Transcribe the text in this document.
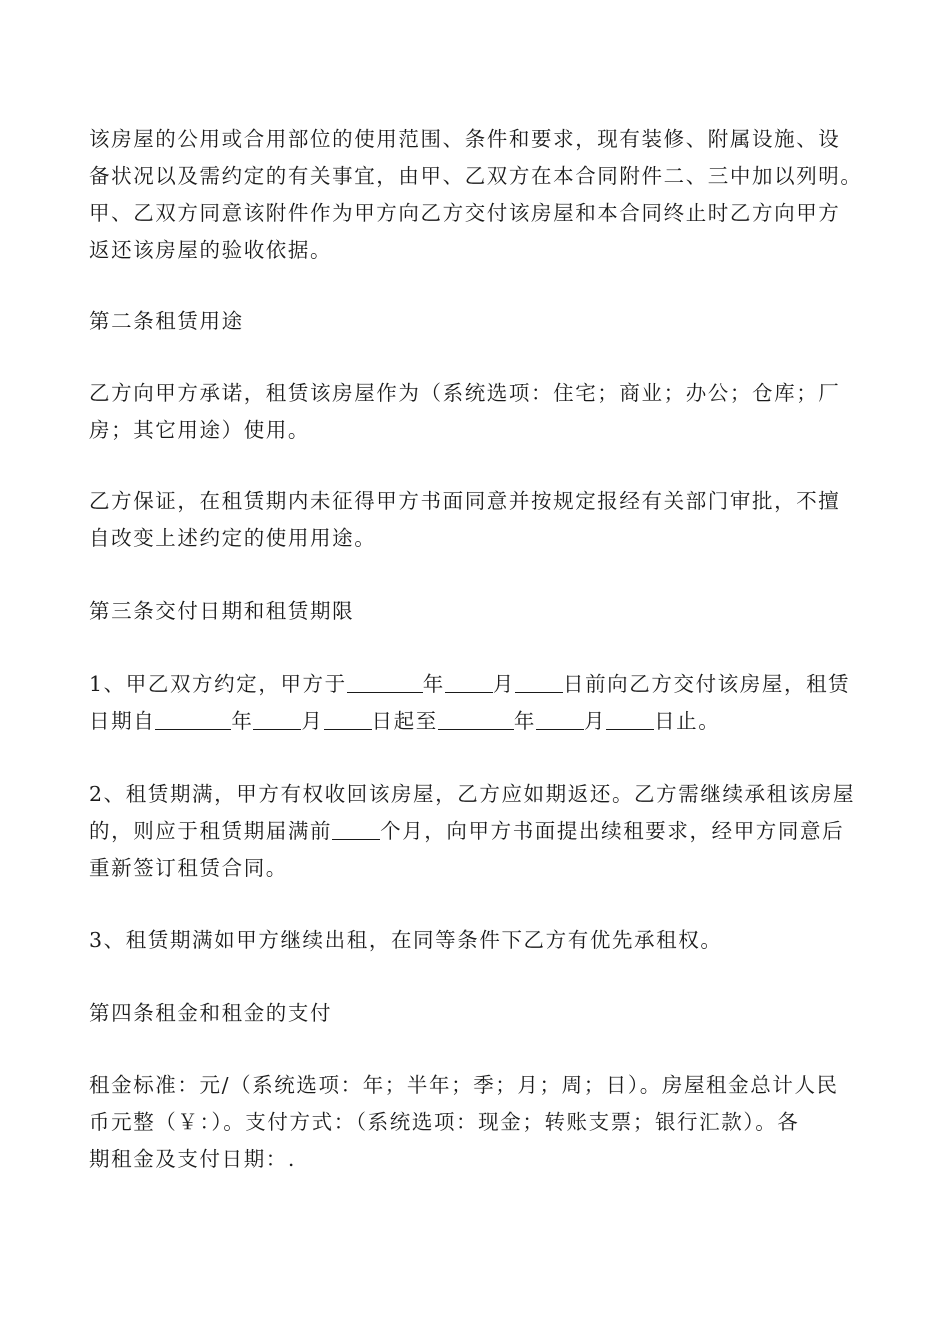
该房屋的公用或合用部位的使用范围、条件和要求，现有装修、附属设施、设
备状况以及需约定的有关事宜，由甲、乙双方在本合同附件二、三中加以列明。
甲、乙双方同意该附件作为甲方向乙方交付该房屋和本合同终止时乙方向甲方
返还该房屋的验收依据。
第二条租赁用途
乙方向甲方承诺，租赁该房屋作为（系统选项：住宅；商业；办公；仓库；厂
房；其它用途）使用。
乙方保证，在租赁期内未征得甲方书面同意并按规定报经有关部门审批，不擅
自改变上述约定的使用用途。
第三条交付日期和租赁期限
1、甲乙双方约定，甲方于	年 月 日前向乙方交付该房屋，租赁
日期自	年 月 日起至	年 月 日止。
2、租赁期满，甲方有权收回该房屋，乙方应如期返还。乙方需继续承租该房屋
的，则应于租赁期届满前 个月，向甲方书面提出续租要求，经甲方同意后
重新签订租赁合同。
3、租赁期满如甲方继续出租，在同等条件下乙方有优先承租权。
第四条租金和租金的支付
租金标准：元/（系统选项：年；半年；季；月；周；日）。房屋租金总计人民
币元整（￥：）。支付方式：（系统选项：现金；转账支票；银行汇款）。各
期租金及支付日期：.
